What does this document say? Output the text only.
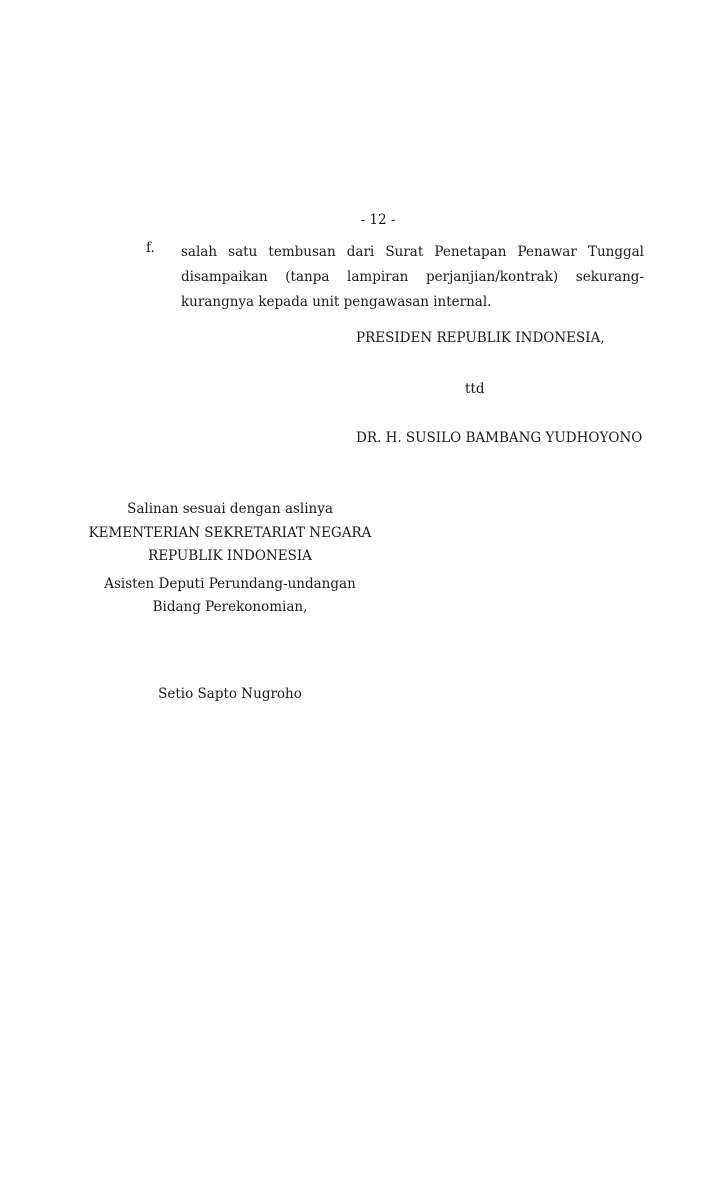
- 12 -
f. salah satu tembusan dari Surat Penetapan Penawar Tunggal disampaikan (tanpa lampiran perjanjian/kontrak) sekurang-kurangnya kepada unit pengawasan internal.
PRESIDEN REPUBLIK INDONESIA,
ttd
DR. H. SUSILO BAMBANG YUDHOYONO
Salinan sesuai dengan aslinya
KEMENTERIAN SEKRETARIAT NEGARA
REPUBLIK INDONESIA
Asisten Deputi Perundang-undangan
Bidang Perekonomian,
Setio Sapto Nugroho
